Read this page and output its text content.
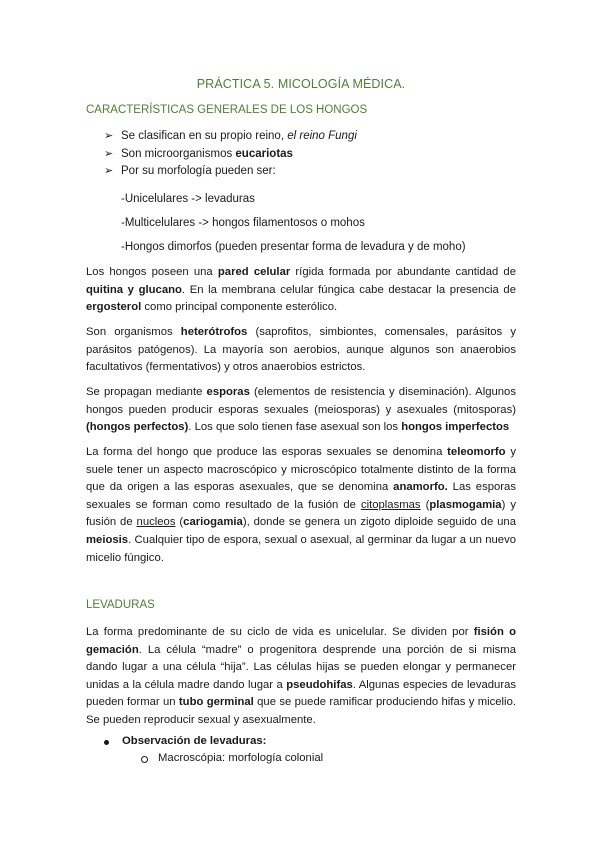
PRÁCTICA 5. MICOLOGÍA MÉDICA.
CARACTERÍSTICAS GENERALES DE LOS HONGOS
➢ Se clasifican en su propio reino, el reino Fungi
➢ Son microorganismos eucariotas
➢ Por su morfología pueden ser:
-Unicelulares -> levaduras
-Multicelulares -> hongos filamentosos o mohos
-Hongos dimorfos (pueden presentar forma de levadura y de moho)

Los hongos poseen una pared celular rígida formada por abundante cantidad de quitina y glucano. En la membrana celular fúngica cabe destacar la presencia de ergosterol como principal componente esterólico.

Son organismos heterótrofos (saprofitos, simbiontes, comensales, parásitos y parásitos patógenos). La mayoría son aerobios, aunque algunos son anaerobios facultativos (fermentativos) y otros anaerobios estrictos.

Se propagan mediante esporas (elementos de resistencia y diseminación). Algunos hongos pueden producir esporas sexuales (meiosporas) y asexuales (mitosporas) (hongos perfectos). Los que solo tienen fase asexual son los hongos imperfectos

La forma del hongo que produce las esporas sexuales se denomina teleomorfo y suele tener un aspecto macroscópico y microscópico totalmente distinto de la forma que da origen a las esporas asexuales, que se denomina anamorfo. Las esporas sexuales se forman como resultado de la fusión de citoplasmas (plasmogamia) y fusión de nucleos (cariogamia), donde se genera un zigoto diploide seguido de una meiosis. Cualquier tipo de espora, sexual o asexual, al germinar da lugar a un nuevo micelio fúngico.

LEVADURAS

La forma predominante de su ciclo de vida es unicelular. Se dividen por fisión o gemación. La célula “madre” o progenitora desprende una porción de si misma dando lugar a una célula “hija”. Las células hijas se pueden elongar y permanecer unidas a la célula madre dando lugar a pseudohifas. Algunas especies de levaduras pueden formar un tubo germinal que se puede ramificar produciendo hifas y micelio. Se pueden reproducir sexual y asexualmente.

Observación de levaduras:
Macroscópia: morfología colonial
